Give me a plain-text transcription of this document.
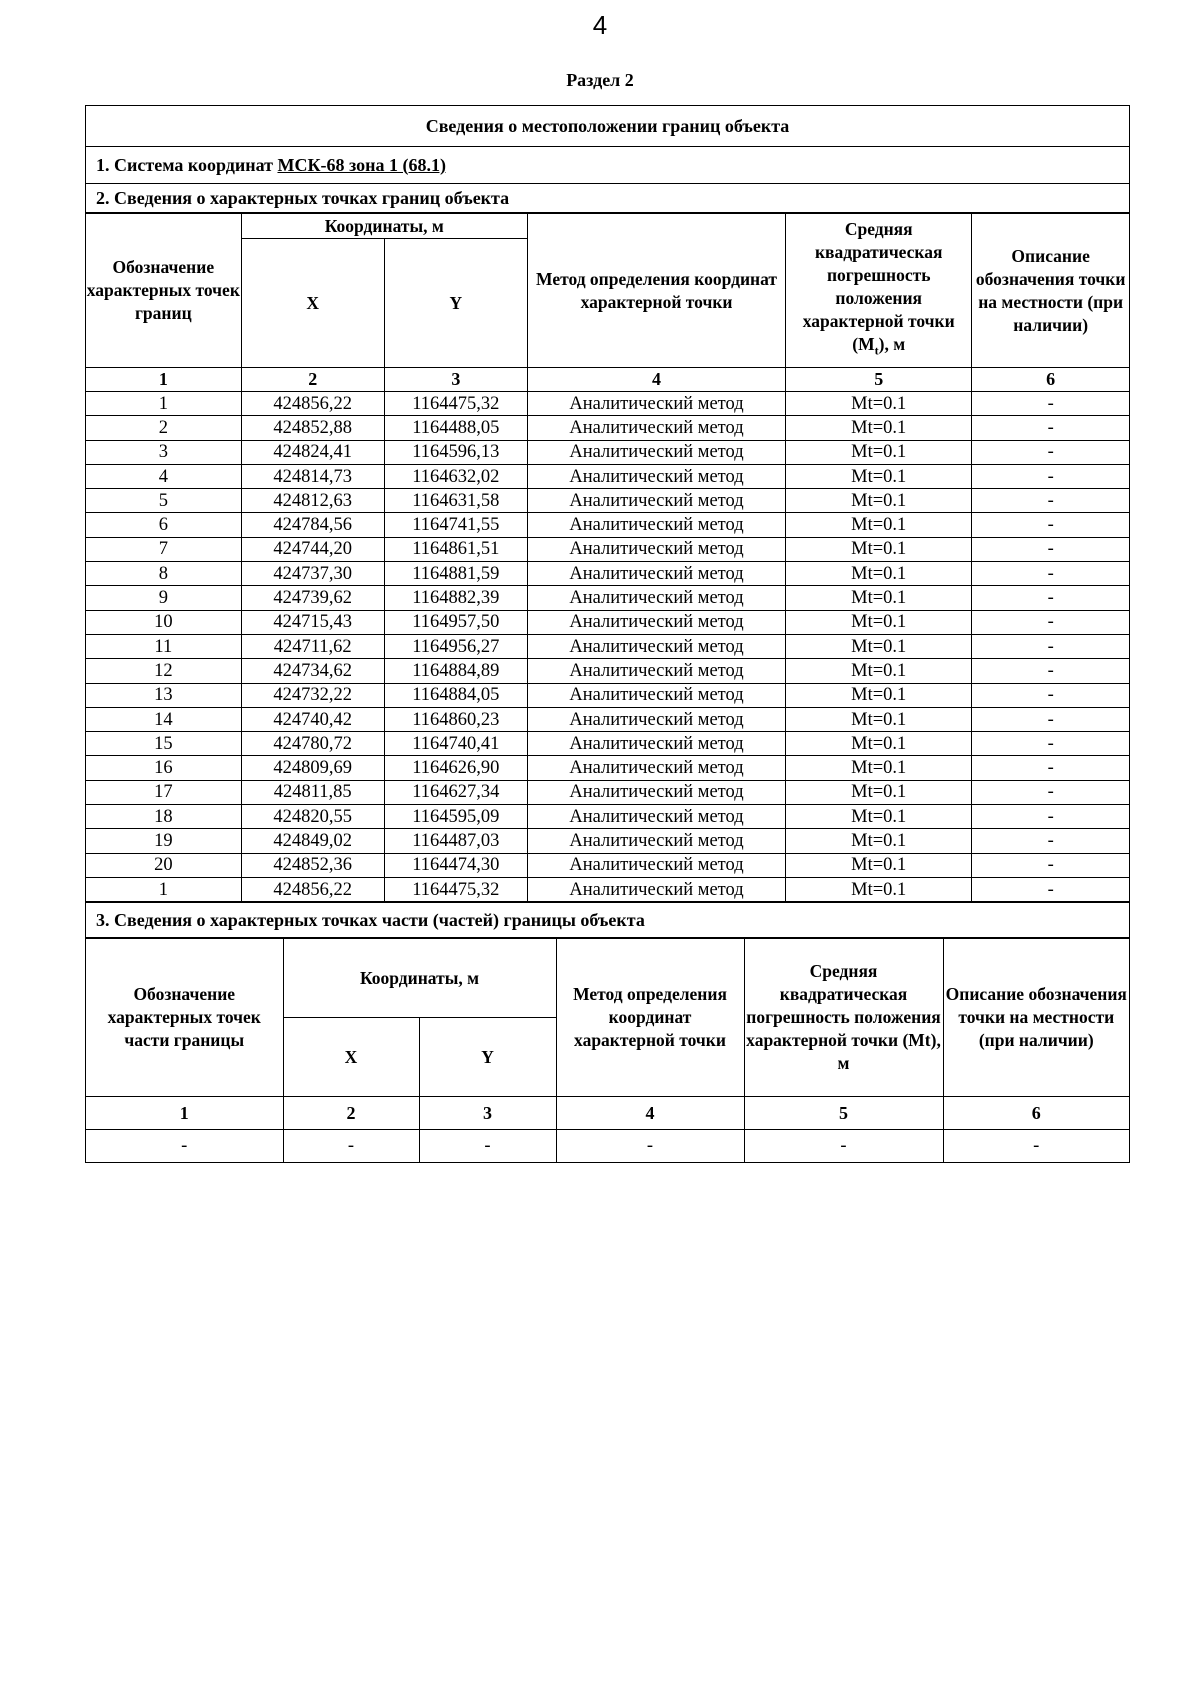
4
Раздел 2
Сведения о местоположении границ объекта
1. Система координат МСК-68 зона 1 (68.1)
2. Сведения о характерных точках границ объекта
Обозначение характерных точек границ	Координаты, м		Метод определения координат характерной точки	Средняя квадратическая погрешность положения характерной точки $(M_t)$, м	Описание обозначения точки на местности (при наличии)
	X	Y			
1	2	3	4	5	6
1	424856,22	1164475,32	Аналитический метод	Mt=0.1	-
2	424852,88	1164488,05	Аналитический метод	Mt=0.1	-
3	424824,41	1164596,13	Аналитический метод	Mt=0.1	-
4	424814,73	1164632,02	Аналитический метод	Mt=0.1	-
5	424812,63	1164631,58	Аналитический метод	Mt=0.1	-
6	424784,56	1164741,55	Аналитический метод	Mt=0.1	-
7	424744,20	1164861,51	Аналитический метод	Mt=0.1	-
8	424737,30	1164881,59	Аналитический метод	Mt=0.1	-
9	424739,62	1164882,39	Аналитический метод	Mt=0.1	-
10	424715,43	1164957,50	Аналитический метод	Mt=0.1	-
11	424711,62	1164956,27	Аналитический метод	Mt=0.1	-
12	424734,62	1164884,89	Аналитический метод	Mt=0.1	-
13	424732,22	1164884,05	Аналитический метод	Mt=0.1	-
14	424740,42	1164860,23	Аналитический метод	Mt=0.1	-
15	424780,72	1164740,41	Аналитический метод	Mt=0.1	-
16	424809,69	1164626,90	Аналитический метод	Mt=0.1	-
17	424811,85	1164627,34	Аналитический метод	Mt=0.1	-
18	424820,55	1164595,09	Аналитический метод	Mt=0.1	-
19	424849,02	1164487,03	Аналитический метод	Mt=0.1	-
20	424852,36	1164474,30	Аналитический метод	Mt=0.1	-
1	424856,22	1164475,32	Аналитический метод	Mt=0.1	-
3. Сведения о характерных точках части (частей) границы объекта
Обозначение характерных точек части границы	Координаты, м		Метод определения координат характерной точки	Средняя квадратическая погрешность положения характерной точки (Mt), м	Описание обозначения точки на местности (при наличии)
	X	Y			
1	2	3	4	5	6
-	-	-	-	-	-
